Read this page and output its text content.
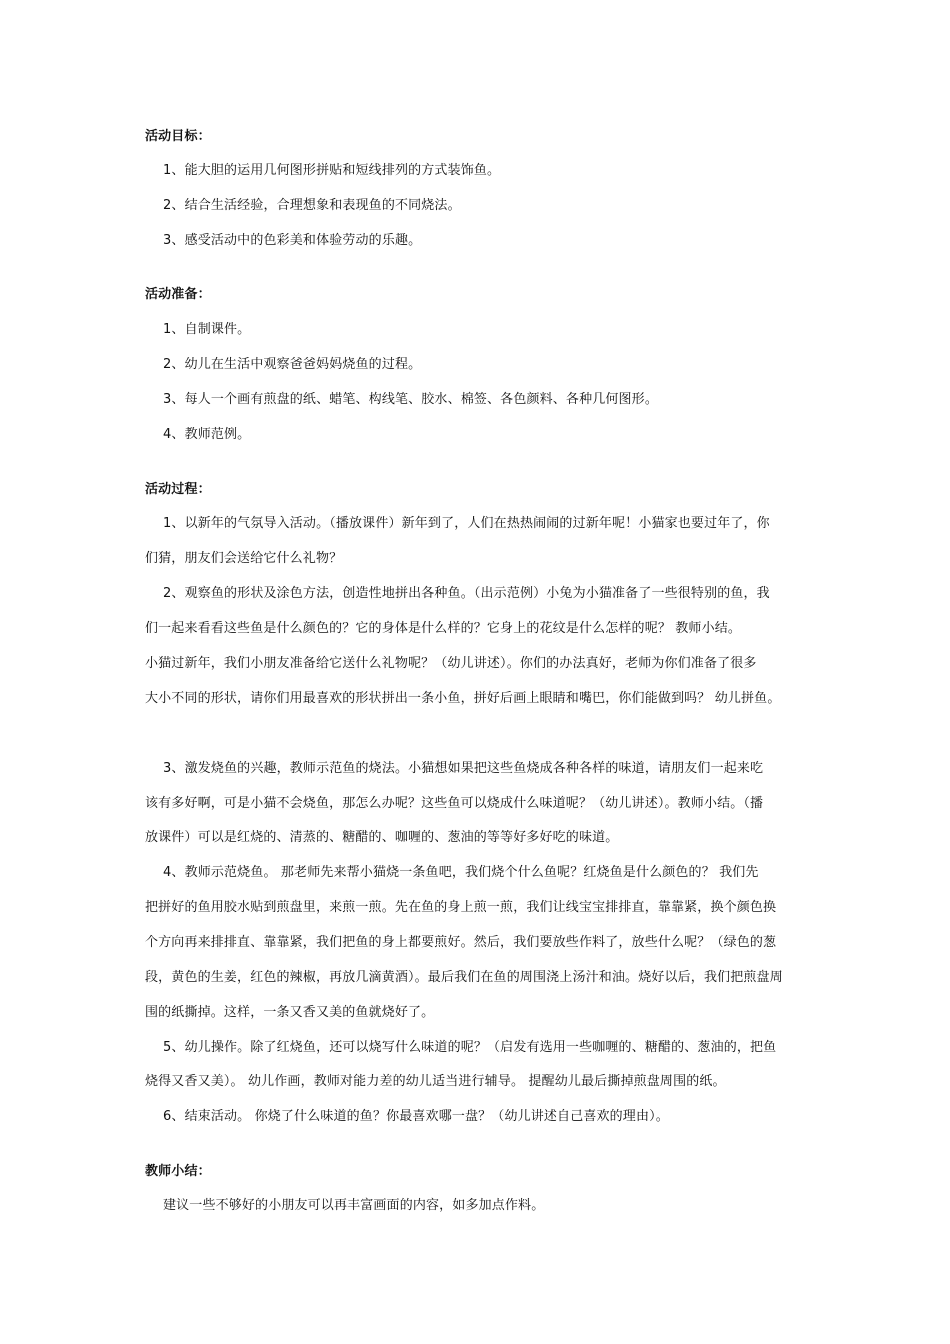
活动目标：
1、能大胆的运用几何图形拼贴和短线排列的方式装饰鱼。
2、结合生活经验，合理想象和表现鱼的不同烧法。
3、感受活动中的色彩美和体验劳动的乐趣。
活动准备：
1、自制课件。
2、幼儿在生活中观察爸爸妈妈烧鱼的过程。
3、每人一个画有煎盘的纸、蜡笔、构线笔、胶水、棉签、各色颜料、各种几何图形。
4、教师范例。
活动过程：
1、以新年的气氛导入活动。（播放课件）新年到了，人们在热热闹闹的过新年呢！小猫家也要过年了，你
们猜，朋友们会送给它什么礼物？
2、观察鱼的形状及涂色方法，创造性地拼出各种鱼。（出示范例）小兔为小猫准备了一些很特别的鱼，我
们一起来看看这些鱼是什么颜色的？它的身体是什么样的？它身上的花纹是什么怎样的呢？ 教师小结。
小猫过新年，我们小朋友准备给它送什么礼物呢？（幼儿讲述）。你们的办法真好，老师为你们准备了很多
大小不同的形状，请你们用最喜欢的形状拼出一条小鱼，拼好后画上眼睛和嘴巴，你们能做到吗？ 幼儿拼鱼。
3、激发烧鱼的兴趣，教师示范鱼的烧法。小猫想如果把这些鱼烧成各种各样的味道，请朋友们一起来吃
该有多好啊，可是小猫不会烧鱼，那怎么办呢？这些鱼可以烧成什么味道呢？（幼儿讲述）。教师小结。（播
放课件）可以是红烧的、清蒸的、糖醋的、咖喱的、葱油的等等好多好吃的味道。
4、教师示范烧鱼。 那老师先来帮小猫烧一条鱼吧，我们烧个什么鱼呢？红烧鱼是什么颜色的？ 我们先
把拼好的鱼用胶水贴到煎盘里，来煎一煎。先在鱼的身上煎一煎，我们让线宝宝排排直，靠靠紧，换个颜色换
个方向再来排排直、靠靠紧，我们把鱼的身上都要煎好。然后，我们要放些作料了，放些什么呢？（绿色的葱
段，黄色的生姜，红色的辣椒，再放几滴黄酒）。最后我们在鱼的周围浇上汤汁和油。烧好以后，我们把煎盘周
围的纸撕掉。这样，一条又香又美的鱼就烧好了。
5、幼儿操作。除了红烧鱼，还可以烧写什么味道的呢？（启发有选用一些咖喱的、糖醋的、葱油的，把鱼
烧得又香又美）。 幼儿作画，教师对能力差的幼儿适当进行辅导。 提醒幼儿最后撕掉煎盘周围的纸。
6、结束活动。 你烧了什么味道的鱼？你最喜欢哪一盘？（幼儿讲述自己喜欢的理由）。
教师小结：
建议一些不够好的小朋友可以再丰富画面的内容，如多加点作料。
